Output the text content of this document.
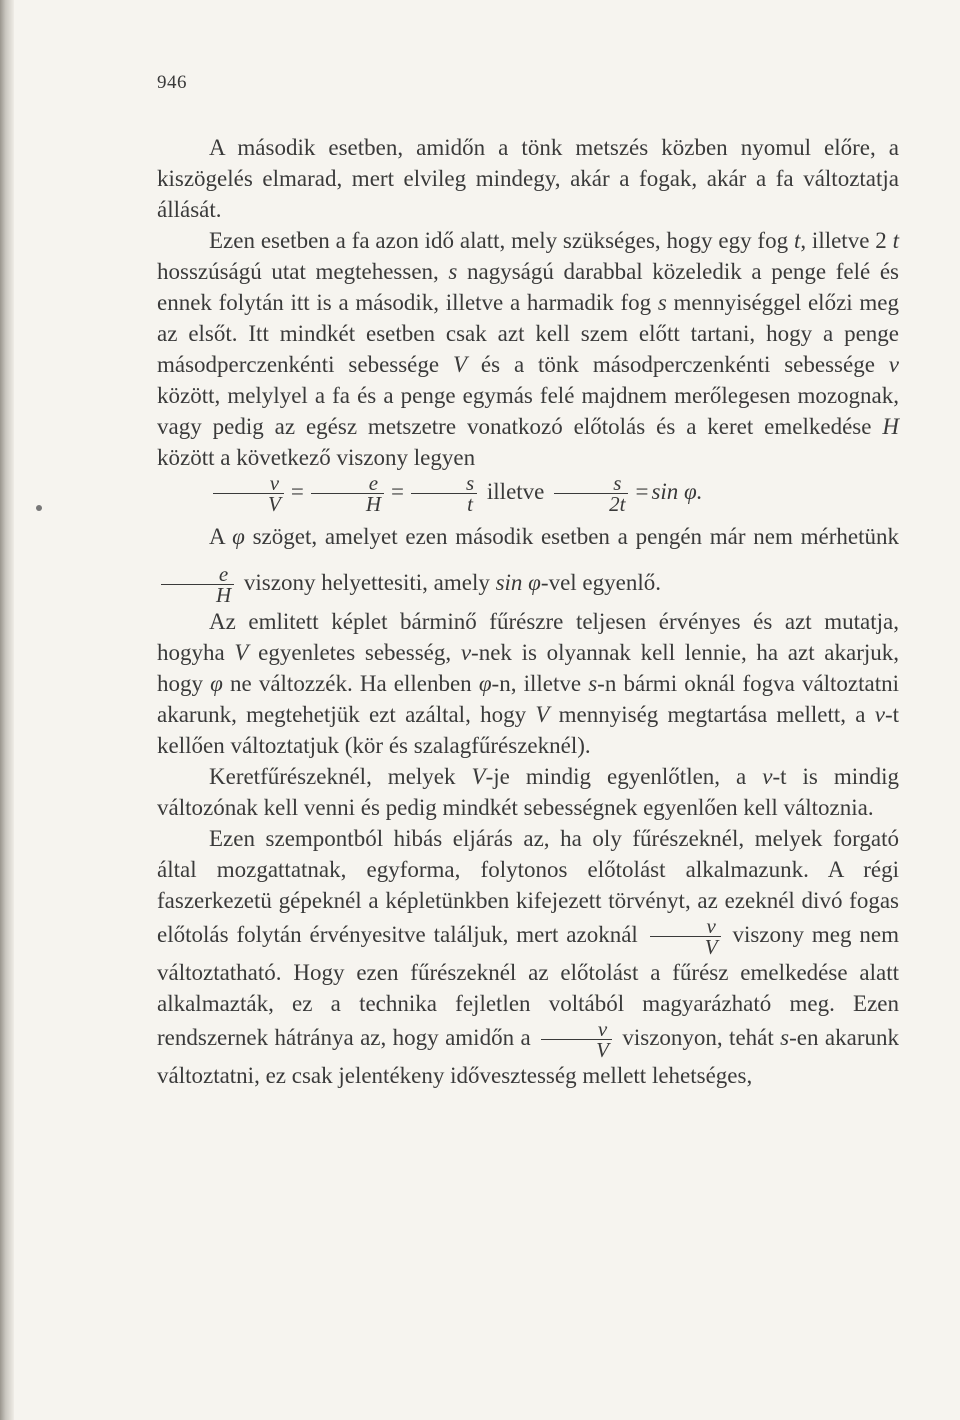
946

A második esetben, amidőn a tönk metszés közben nyomul előre, a kiszögelés elmarad, mert elvileg mindegy, akár a fogak, akár a fa változtatja állását.

Ezen esetben a fa azon idő alatt, mely szükséges, hogy egy fog t, illetve 2 t hosszúságú utat megtehessen, s nagyságú darabbal közeledik a penge felé és ennek folytán itt is a második, illetve a harmadik fog s mennyiséggel előzi meg az elsőt. Itt mindkét esetben csak azt kell szem előtt tartani, hogy a penge másodperczenkénti sebessége V és a tönk másodperczenkénti sebessége v között, melylyel a fa és a penge egymás felé majdnem merőlegesen mozognak, vagy pedig az egész metszetre vonatkozó előtolás és a keret emelkedése H között a következő viszony legyen

$\frac{v}{V} = \frac{e}{H} = \frac{s}{t}$ illetve $\frac{s}{2t} = \sin \varphi$.

A φ szöget, amelyet ezen második esetben a pengén már nem mérhetünk
$\frac{e}{H}$ viszony helyettesiti, amely sin φ-vel egyenlő.

Az emlitett képlet bárminő fűrészre teljesen érvényes és azt mutatja, hogyha V egyenletes sebesség, v-nek is olyannak kell lennie, ha azt akarjuk, hogy φ ne változzék. Ha ellenben φ-n, illetve s-n bármi oknál fogva változtatni akarunk, megtehetjük ezt azáltal, hogy V mennyiség megtartása mellett, a v-t kellően változtatjuk (kör és szalagfűrészeknél).

Keretfűrészeknél, melyek V-je mindig egyenlőtlen, a v-t is mindig változónak kell venni és pedig mindkét sebességnek egyenlően kell változnia.

Ezen szempontból hibás eljárás az, ha oly fűrészeknél, melyek forgató által mozgattatnak, egyforma, folytonos előtolást alkalmazunk. A régi faszerkezetü gépeknél a képletünkben kifejezett törvényt, az ezeknél divó fogas előtolás folytán érvényesitve találjuk, mert azoknál $\frac{v}{V}$ viszony meg nem változtatható. Hogy ezen fűrészeknél az előtolást a fűrész emelkedése alatt alkalmazták, ez a technika fejletlen voltából magyarázható meg. Ezen rendszernek hátránya az, hogy amidőn a $\frac{v}{V}$ viszonyon, tehát s-en akarunk változtatni, ez csak jelentékeny idővesztesség mellett lehetséges,
